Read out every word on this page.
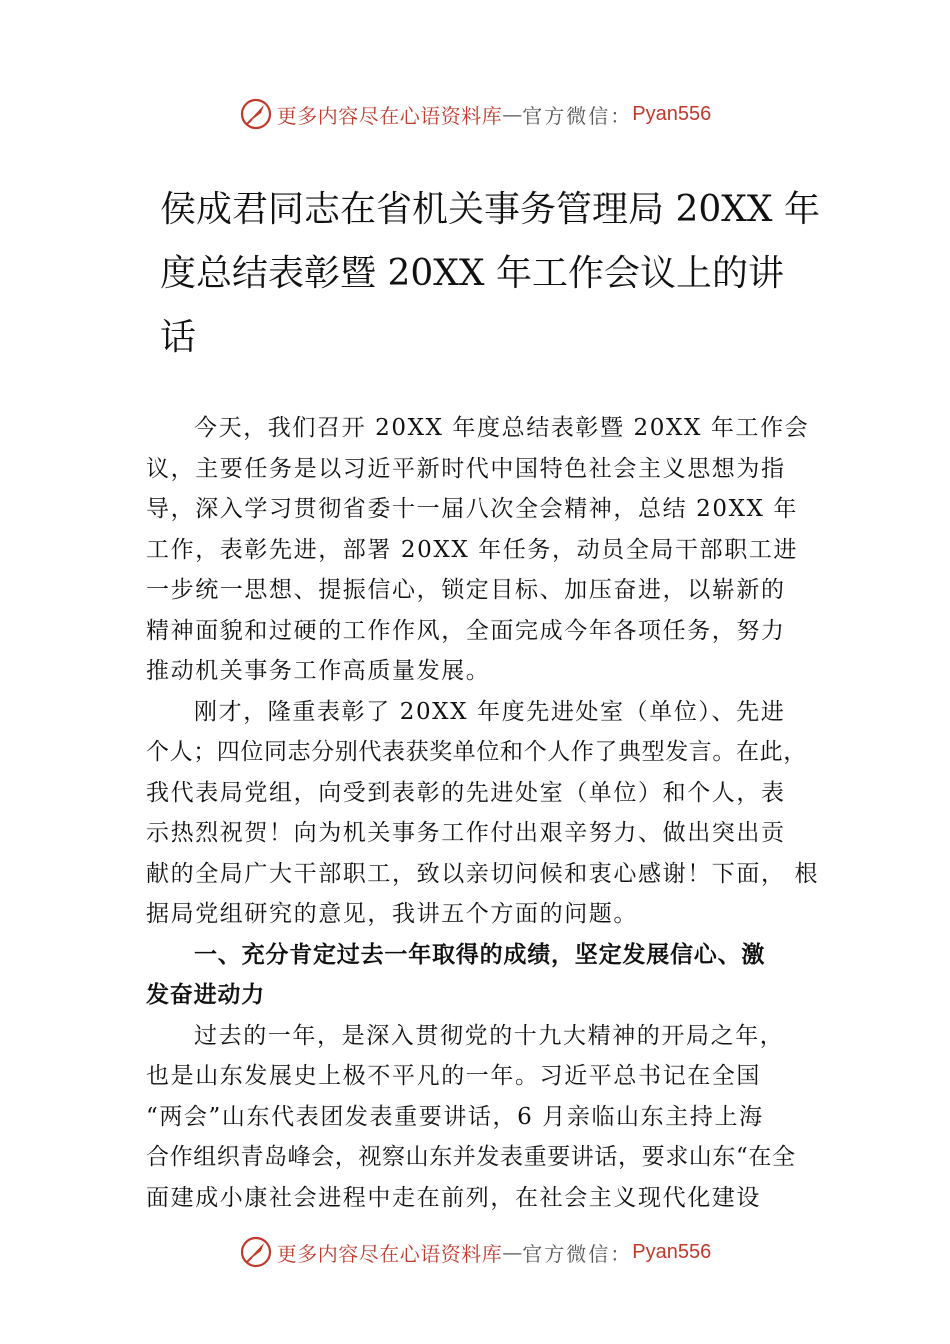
更多内容尽在心语资料库 — 官方微信： Pyan556
侯成君同志在省机关事务管理局 20XX 年
度总结表彰暨 20XX 年工作会议上的讲
话
今天，我们召开 20XX 年度总结表彰暨 20XX 年工作会
议，主要任务是以习近平新时代中国特色社会主义思想为指
导，深入学习贯彻省委十一届八次全会精神，总结 20XX 年
工作，表彰先进，部署 20XX 年任务，动员全局干部职工进
一步统一思想、提振信心，锁定目标、加压奋进，以崭新的
精神面貌和过硬的工作作风，全面完成今年各项任务，努力
推动机关事务工作高质量发展。
刚才，隆重表彰了 20XX 年度先进处室（单位）、先进
个人；四位同志分别代表获奖单位和个人作了典型发言。在此，
我代表局党组，向受到表彰的先进处室（单位）和个人，表
示热烈祝贺！向为机关事务工作付出艰辛努力、做出突出贡
献的全局广大干部职工，致以亲切问候和衷心感谢！下面， 根
据局党组研究的意见，我讲五个方面的问题。
一、充分肯定过去一年取得的成绩，坚定发展信心、激
发奋进动力
过去的一年，是深入贯彻党的十九大精神的开局之年，
也是山东发展史上极不平凡的一年。习近平总书记在全国
“两会”山东代表团发表重要讲话，6 月亲临山东主持上海
合作组织青岛峰会，视察山东并发表重要讲话，要求山东“在全
面建成小康社会进程中走在前列，在社会主义现代化建设
更多内容尽在心语资料库 — 官方微信： Pyan556
